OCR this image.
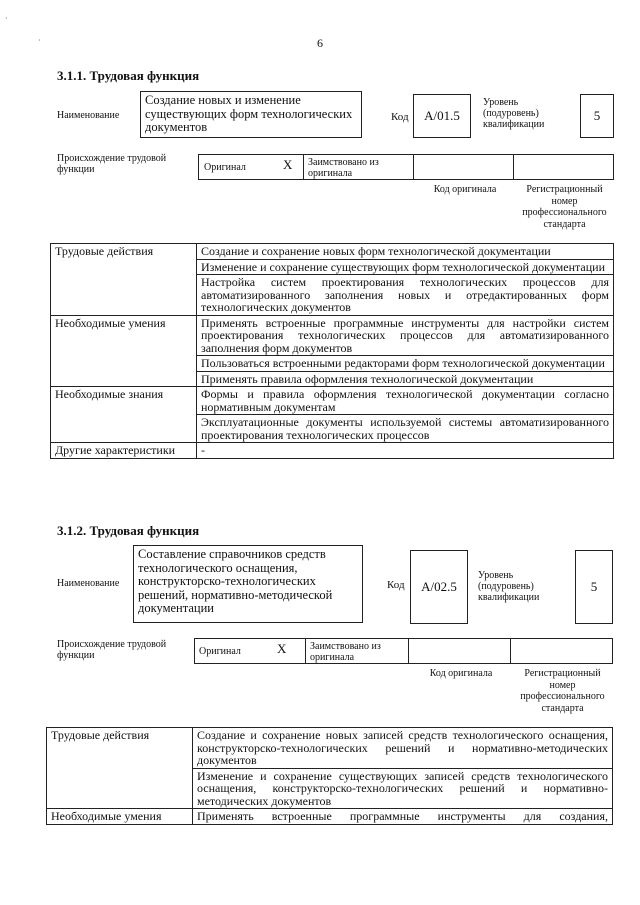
·
·	6
3.1.1. Трудовая функция
Наименование
Создание новых и изменение существующих форм технологических документов
Код	A/01.5
Уровень (подуровень) квалификации
5
Происхождение трудовой функции	Оригинал	X	Заимствовано из оригинала
Код оригинала	Регистрационный номер профессионального стандарта
Трудовые действия	Создание и сохранение новых форм технологической документации
	Изменение и сохранение существующих форм технологической документации
	Настройка систем проектирования технологических процессов для автоматизированного заполнения новых и отредактированных форм технологических документов
Необходимые умения	Применять встроенные программные инструменты для настройки систем проектирования технологических процессов для автоматизированного заполнения форм документов
	Пользоваться встроенными редакторами форм технологической документации
	Применять правила оформления технологической документации
Необходимые знания	Формы и правила оформления технологической документации согласно нормативным документам
	Эксплуатационные документы используемой системы автоматизированного проектирования технологических процессов
Другие характеристики	-
3.1.2. Трудовая функция
Наименование
Составление справочников средств технологического оснащения, конструкторско-технологических решений, нормативно-методической документации
Код	A/02.5
Уровень (подуровень) квалификации
5
Происхождение трудовой функции	Оригинал	X	Заимствовано из оригинала
Код оригинала	Регистрационный номер профессионального стандарта
Трудовые действия	Создание и сохранение новых записей средств технологического оснащения, конструкторско-технологических решений и нормативно-методических документов
	Изменение и сохранение существующих записей средств технологического оснащения, конструкторско-технологических решений и нормативно-методических документов
Необходимые умения	Применять встроенные программные инструменты для создания,
